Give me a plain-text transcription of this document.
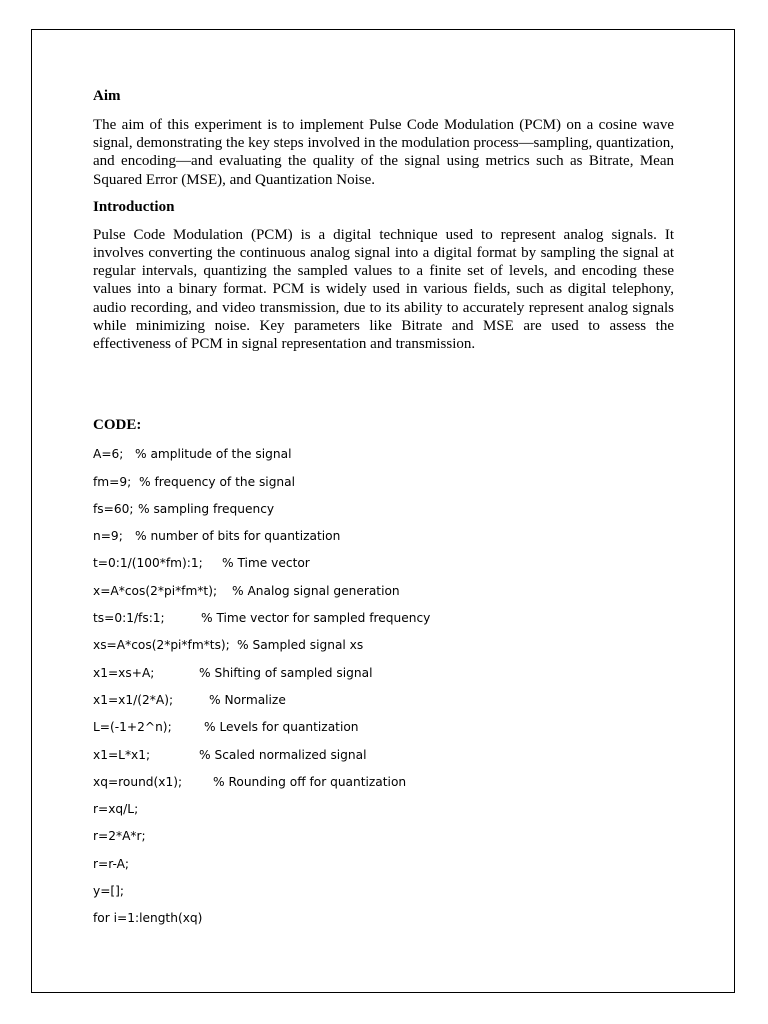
Aim

The aim of this experiment is to implement Pulse Code Modulation (PCM) on a cosine wave signal, demonstrating the key steps involved in the modulation process—sampling, quantization, and encoding—and evaluating the quality of the signal using metrics such as Bitrate, Mean Squared Error (MSE), and Quantization Noise.

Introduction

Pulse Code Modulation (PCM) is a digital technique used to represent analog signals. It involves converting the continuous analog signal into a digital format by sampling the signal at regular intervals, quantizing the sampled values to a finite set of levels, and encoding these values into a binary format. PCM is widely used in various fields, such as digital telephony, audio recording, and video transmission, due to its ability to accurately represent analog signals while minimizing noise. Key parameters like Bitrate and MSE are used to assess the effectiveness of PCM in signal representation and transmission.

CODE:
A=6; % amplitude of the signal
fm=9; % frequency of the signal
fs=60; % sampling frequency
n=9; % number of bits for quantization
t=0:1/(100*fm):1; % Time vector
x=A*cos(2*pi*fm*t); % Analog signal generation
ts=0:1/fs:1;	% Time vector for sampled frequency
xs=A*cos(2*pi*fm*ts); % Sampled signal xs
x1=xs+A;	% Shifting of sampled signal
x1=x1/(2*A);	% Normalize
L=(-1+2^n);	% Levels for quantization
x1=L*x1;	% Scaled normalized signal
xq=round(x1);	% Rounding off for quantization
r=xq/L;
r=2*A*r;
r=r-A;
y=[];
for i=1:length(xq)
